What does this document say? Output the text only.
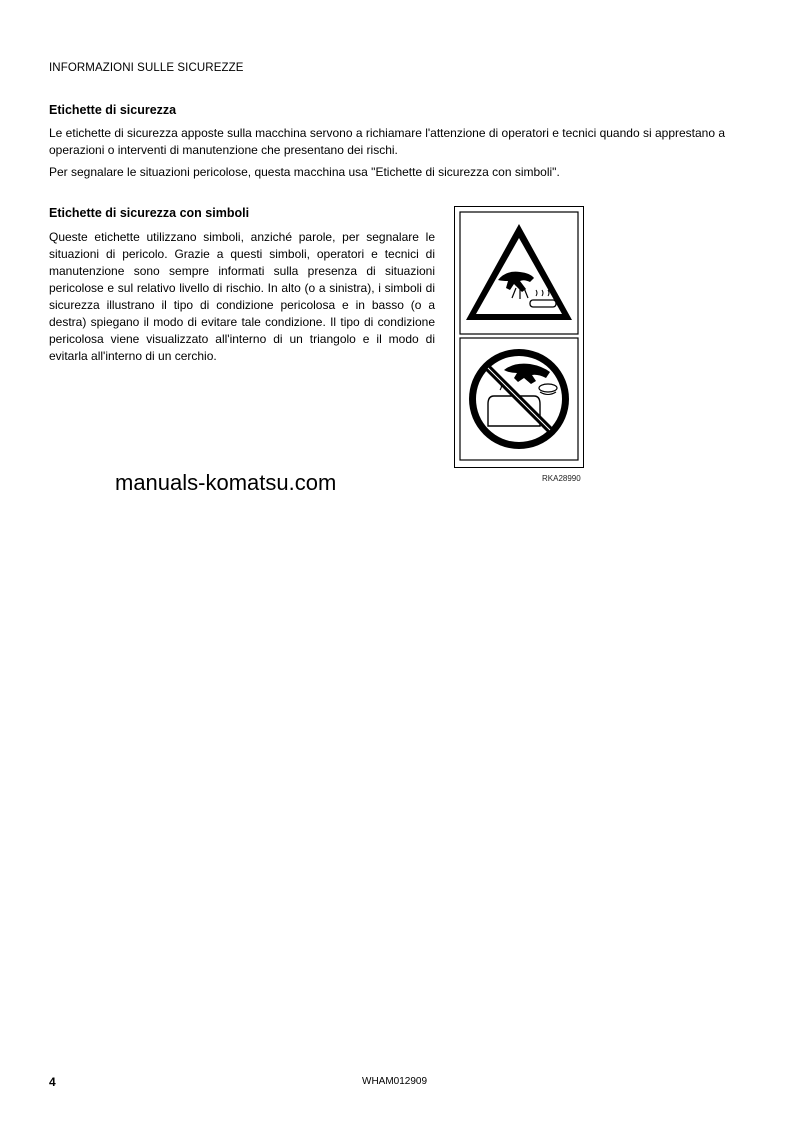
INFORMAZIONI SULLE SICUREZZE
Etichette di sicurezza
Le etichette di sicurezza apposte sulla macchina servono a richiamare l'attenzione di operatori e tecnici quando si apprestano a operazioni o interventi di manutenzione che presentano dei rischi.
Per segnalare le situazioni pericolose, questa macchina usa "Etichette di sicurezza con simboli".
Etichette di sicurezza con simboli
Queste etichette utilizzano simboli, anziché parole, per segnalare le situazioni di pericolo. Grazie a questi simboli, operatori e tecnici di manutenzione sono sempre informati sulla presenza di situazioni pericolose e sul relativo livello di rischio. In alto (o a sinistra), i simboli di sicurezza illustrano il tipo di condizione pericolosa e in basso (o a destra) spiegano il modo di evitare tale condizione. Il tipo di condizione pericolosa viene visualizzato all'interno di un triangolo e il modo di evitarla all'interno di un cerchio.
RKA28990
manuals-komatsu.com
4	WHAM012909
